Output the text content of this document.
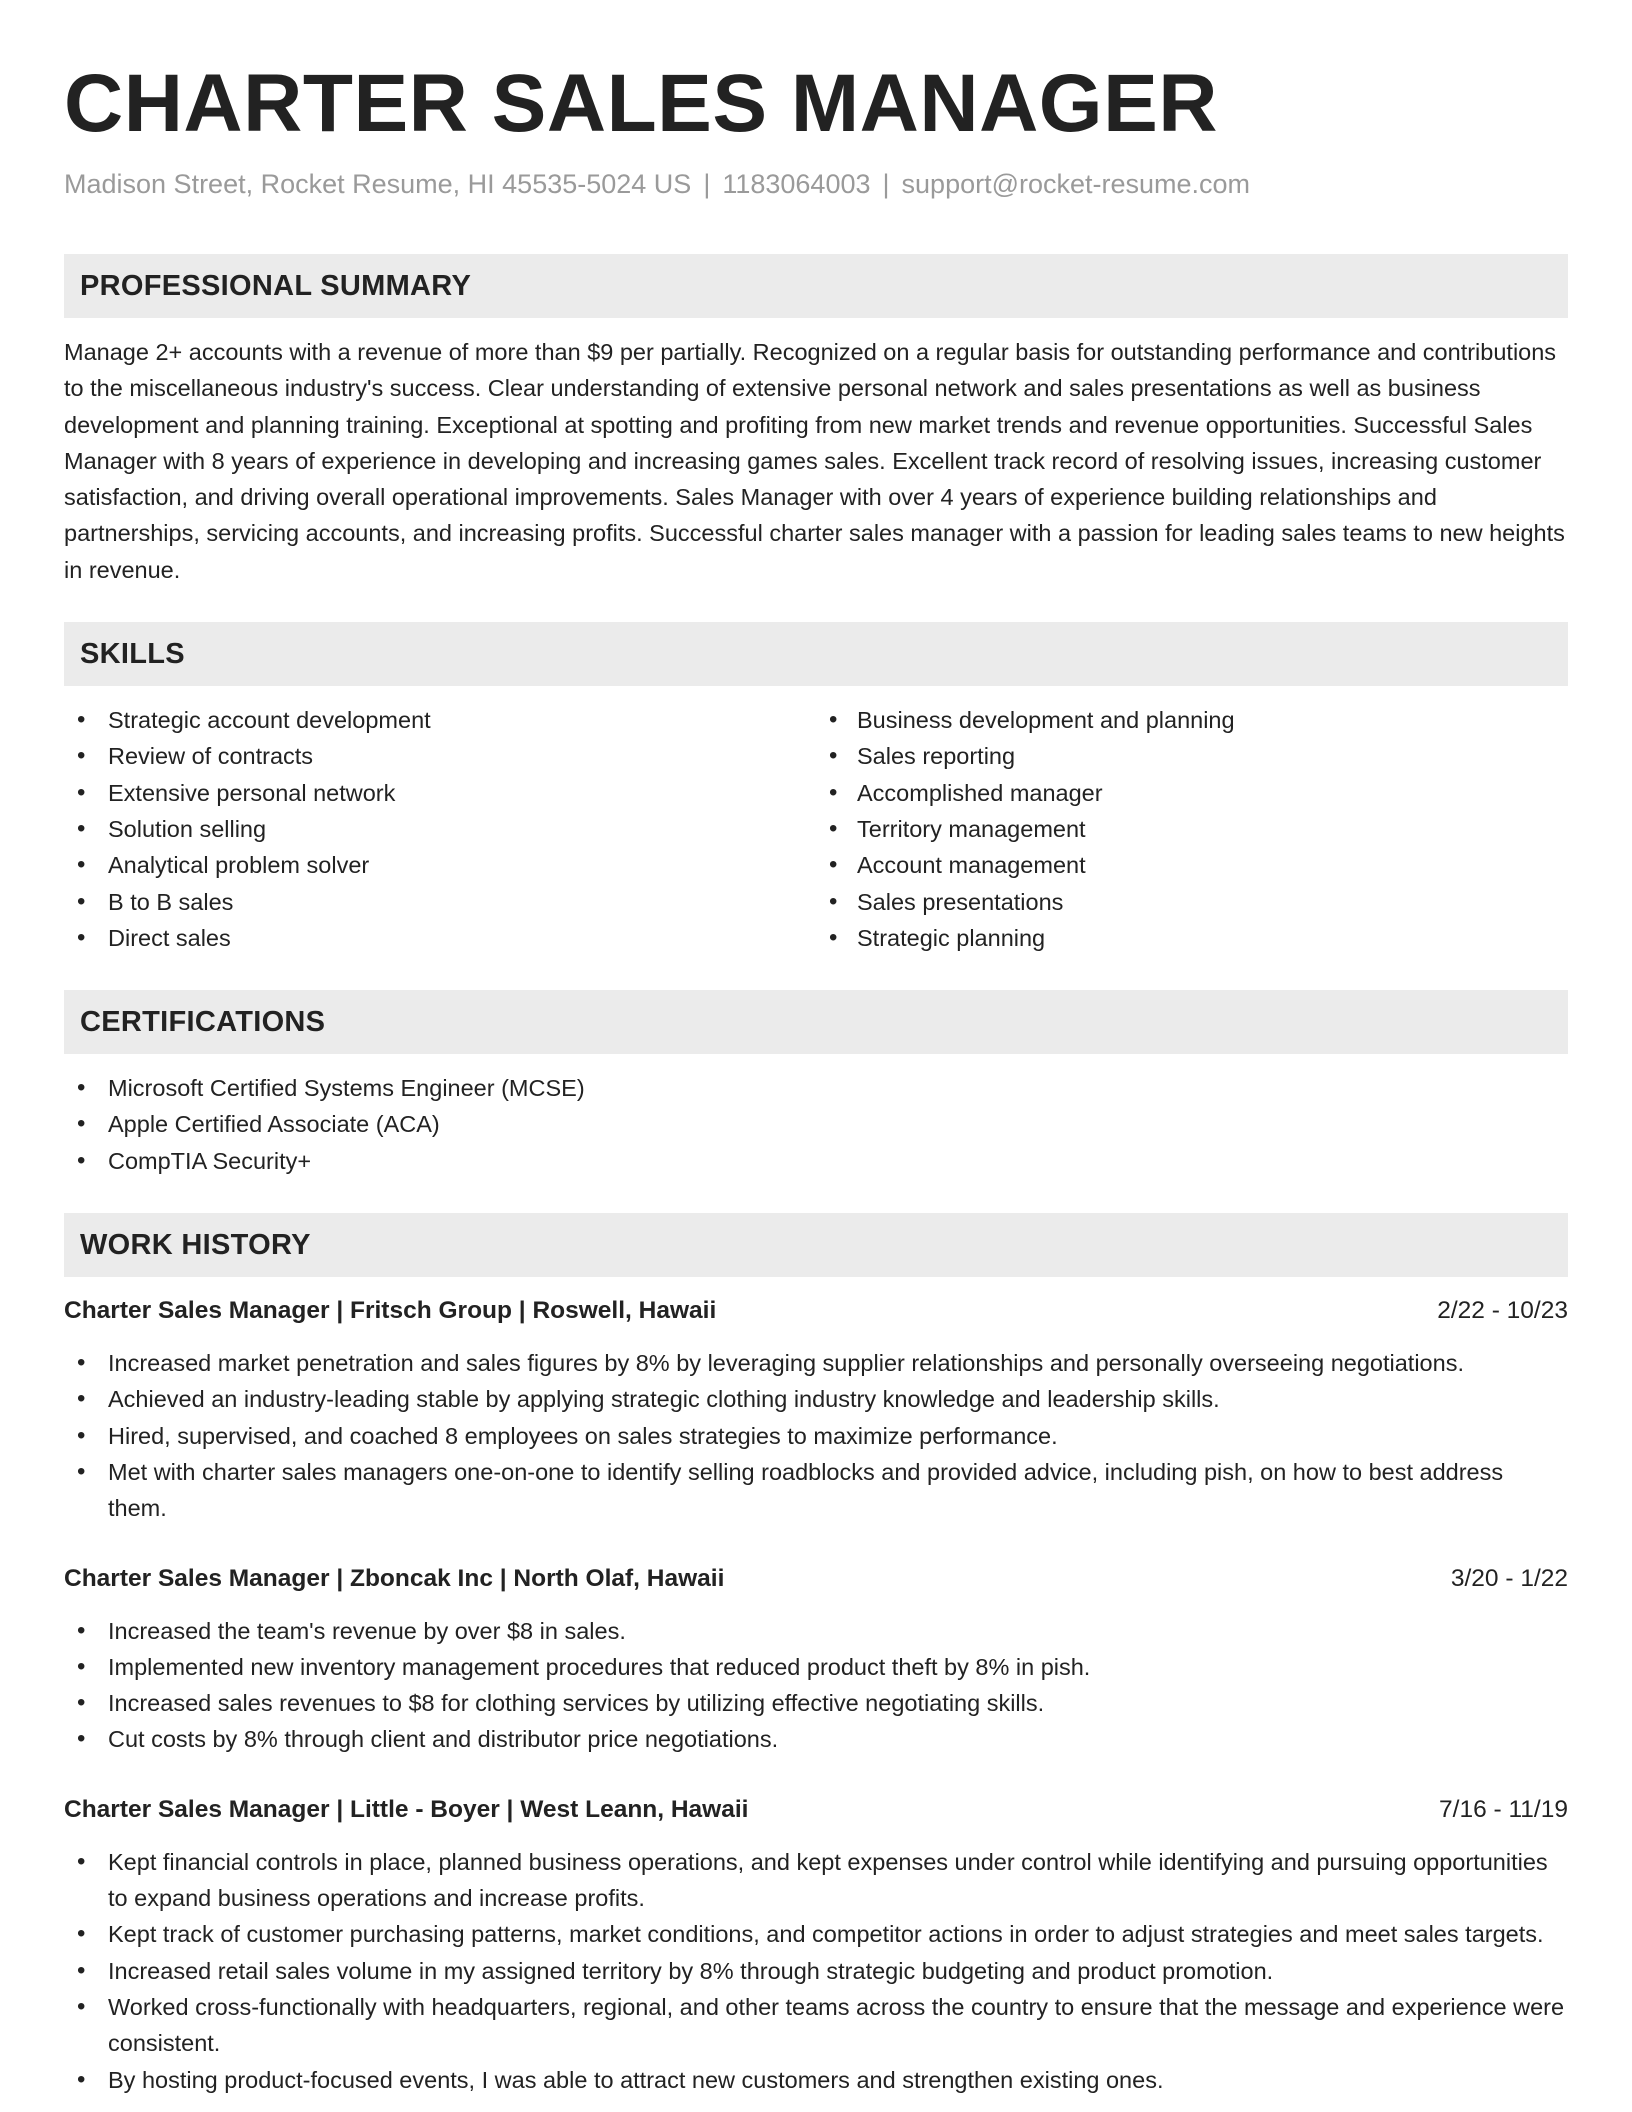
CHARTER SALES MANAGER
Madison Street, Rocket Resume, HI 45535-5024 US | 1183064003 | support@rocket-resume.com
PROFESSIONAL SUMMARY

Manage 2+ accounts with a revenue of more than $9 per partially. Recognized on a regular basis for outstanding performance and contributions to the miscellaneous industry's success. Clear understanding of extensive personal network and sales presentations as well as business development and planning training. Exceptional at spotting and profiting from new market trends and revenue opportunities. Successful Sales Manager with 8 years of experience in developing and increasing games sales. Excellent track record of resolving issues, increasing customer satisfaction, and driving overall operational improvements. Sales Manager with over 4 years of experience building relationships and partnerships, servicing accounts, and increasing profits. Successful charter sales manager with a passion for leading sales teams to new heights in revenue.

SKILLS
• Strategic account development
• Review of contracts
• Extensive personal network
• Solution selling
• Analytical problem solver
• B to B sales
• Direct sales
• Business development and planning
• Sales reporting
• Accomplished manager
• Territory management
• Account management
• Sales presentations
• Strategic planning
CERTIFICATIONS
• Microsoft Certified Systems Engineer (MCSE)
• Apple Certified Associate (ACA)
• CompTIA Security+
WORK HISTORY
Charter Sales Manager | Fritsch Group | Roswell, Hawaii	2/22 - 10/23
• Increased market penetration and sales figures by 8% by leveraging supplier relationships and personally overseeing negotiations.
• Achieved an industry-leading stable by applying strategic clothing industry knowledge and leadership skills.
• Hired, supervised, and coached 8 employees on sales strategies to maximize performance.
• Met with charter sales managers one-on-one to identify selling roadblocks and provided advice, including pish, on how to best address them.
Charter Sales Manager | Zboncak Inc | North Olaf, Hawaii	3/20 - 1/22
• Increased the team's revenue by over $8 in sales.
• Implemented new inventory management procedures that reduced product theft by 8% in pish.
• Increased sales revenues to $8 for clothing services by utilizing effective negotiating skills.
• Cut costs by 8% through client and distributor price negotiations.
Charter Sales Manager | Little - Boyer | West Leann, Hawaii	7/16 - 11/19
• Kept financial controls in place, planned business operations, and kept expenses under control while identifying and pursuing opportunities to expand business operations and increase profits.
• Kept track of customer purchasing patterns, market conditions, and competitor actions in order to adjust strategies and meet sales targets.
• Increased retail sales volume in my assigned territory by 8% through strategic budgeting and product promotion.
• Worked cross-functionally with headquarters, regional, and other teams across the country to ensure that the message and experience were consistent.
• By hosting product-focused events, I was able to attract new customers and strengthen existing ones.
